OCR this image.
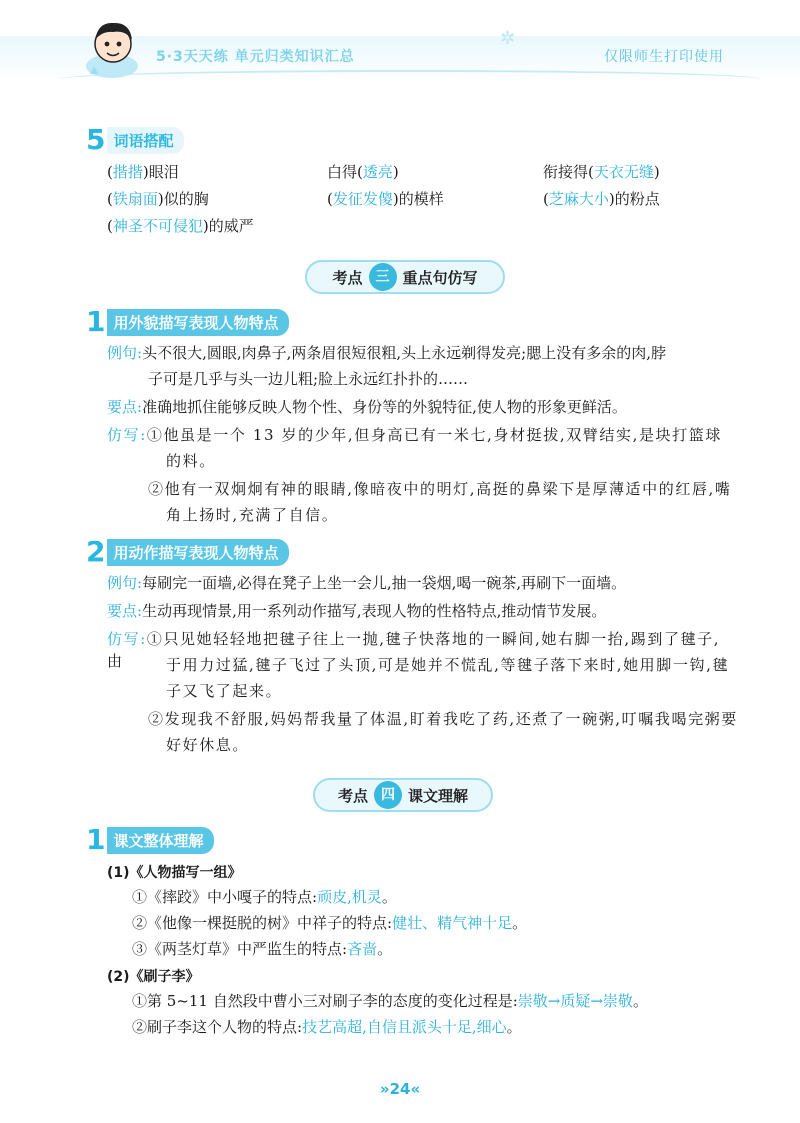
5·3天天练 单元归类知识汇总
✲
仅限师生打印使用
5 词语搭配
(揩揩)眼泪	白得(透亮)	衔接得(天衣无缝)
(铁扇面)似的胸	(发征发傻)的模样	(芝麻大小)的粉点
(神圣不可侵犯)的威严
考点 三 重点句仿写
1 用外貌描写表现人物特点
例句:头不很大,圆眼,肉鼻子,两条眉很短很粗,头上永远剃得发亮;腮上没有多余的肉,脖
子可是几乎与头一边儿粗;脸上永远红扑扑的……
要点:准确地抓住能够反映人物个性、身份等的外貌特征,使人物的形象更鲜活。
仿写:①他虽是一个 13 岁的少年,但身高已有一米七,身材挺拔,双臂结实,是块打篮球
的料。
②他有一双炯炯有神的眼睛,像暗夜中的明灯,高挺的鼻梁下是厚薄适中的红唇,嘴
角上扬时,充满了自信。
2 用动作描写表现人物特点
例句:每刷完一面墙,必得在凳子上坐一会儿,抽一袋烟,喝一碗茶,再刷下一面墙。
要点:生动再现情景,用一系列动作描写,表现人物的性格特点,推动情节发展。
仿写:①只见她轻轻地把毽子往上一抛,毽子快落地的一瞬间,她右脚一抬,踢到了毽子,由	于用力过猛,毽子飞过了头顶,可是她并不慌乱,等毽子落下来时,她用脚一钩,毽
子又飞了起来。
②发现我不舒服,妈妈帮我量了体温,盯着我吃了药,还煮了一碗粥,叮嘱我喝完粥要
好好休息。
考点 四 课文理解
1 课文整体理解
(1)《人物描写一组》
①《摔跤》中小嘎子的特点:顽皮,机灵。
②《他像一棵挺脱的树》中祥子的特点:健壮、精气神十足。
③《两茎灯草》中严监生的特点:吝啬。
(2)《刷子李》
①第 5~11 自然段中曹小三对刷子李的态度的变化过程是:崇敬→质疑→崇敬。
②刷子李这个人物的特点:技艺高超,自信且派头十足,细心。
»24«
